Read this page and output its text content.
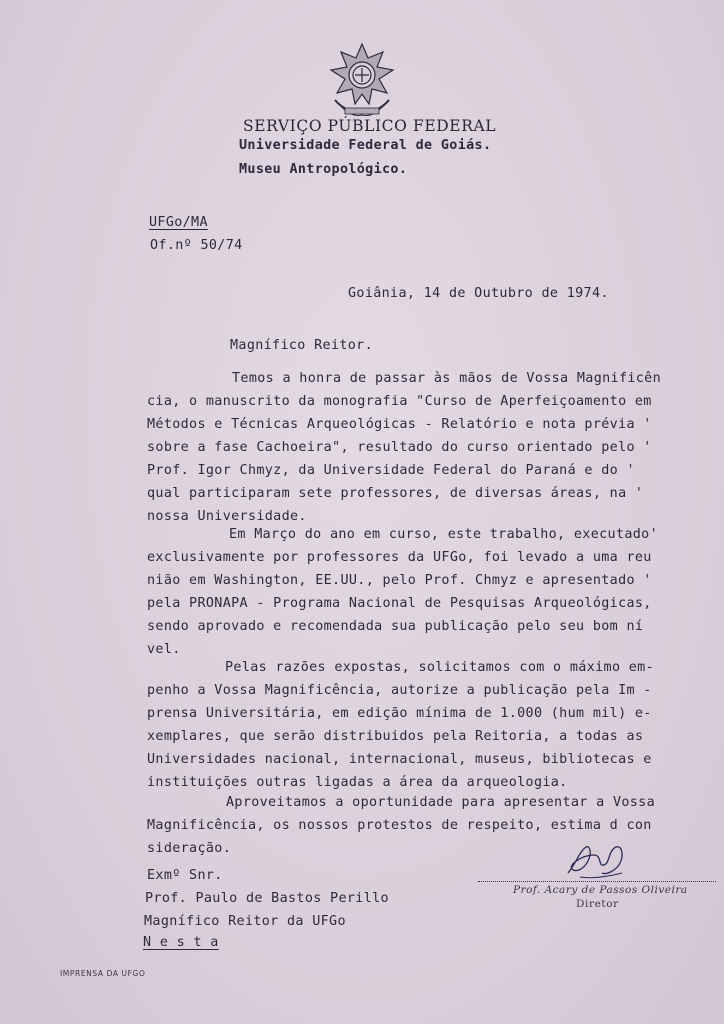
SERVIÇO PÚBLICO FEDERAL
Universidade Federal de Goiás.
Museu Antropológico.
UFGo/MA
Of.nº 50/74
Goiânia, 14 de Outubro de 1974.
Magnífico Reitor.
Temos a honra de passar às mãos de Vossa Magnificên
cia, o manuscrito da monografia "Curso de Aperfeiçoamento em
Métodos e Técnicas Arqueológicas - Relatório e nota prévia '
sobre a fase Cachoeira", resultado do curso orientado pelo '
Prof. Igor Chmyz, da Universidade Federal do Paraná e do '
qual participaram sete professores, de diversas áreas, na '
nossa Universidade.
Em Março do ano em curso, este trabalho, executado'
exclusivamente por professores da UFGo, foi levado a uma reu
nião em Washington, EE.UU., pelo Prof. Chmyz e apresentado '
pela PRONAPA - Programa Nacional de Pesquisas Arqueológicas,
sendo aprovado e recomendada sua publicação pelo seu bom ní
vel.
Pelas razões expostas, solicitamos com o máximo em-
penho a Vossa Magnificência, autorize a publicação pela Im -
prensa Universitária, em edição mínima de 1.000 (hum mil) e-
xemplares, que serão distribuidos pela Reitoria, a todas as
Universidades nacional, internacional, museus, bibliotecas e
instituições outras ligadas a área da arqueologia.
Aproveitamos a oportunidade para apresentar a Vossa
Magnificência, os nossos protestos de respeito, estima d con
sideração.
Exmº Snr.
Prof. Paulo de Bastos Perillo
Magnífico Reitor da UFGo
N e s t a
Prof. Acary de Passos Oliveira
Diretor
IMPRENSA DA UFGO
